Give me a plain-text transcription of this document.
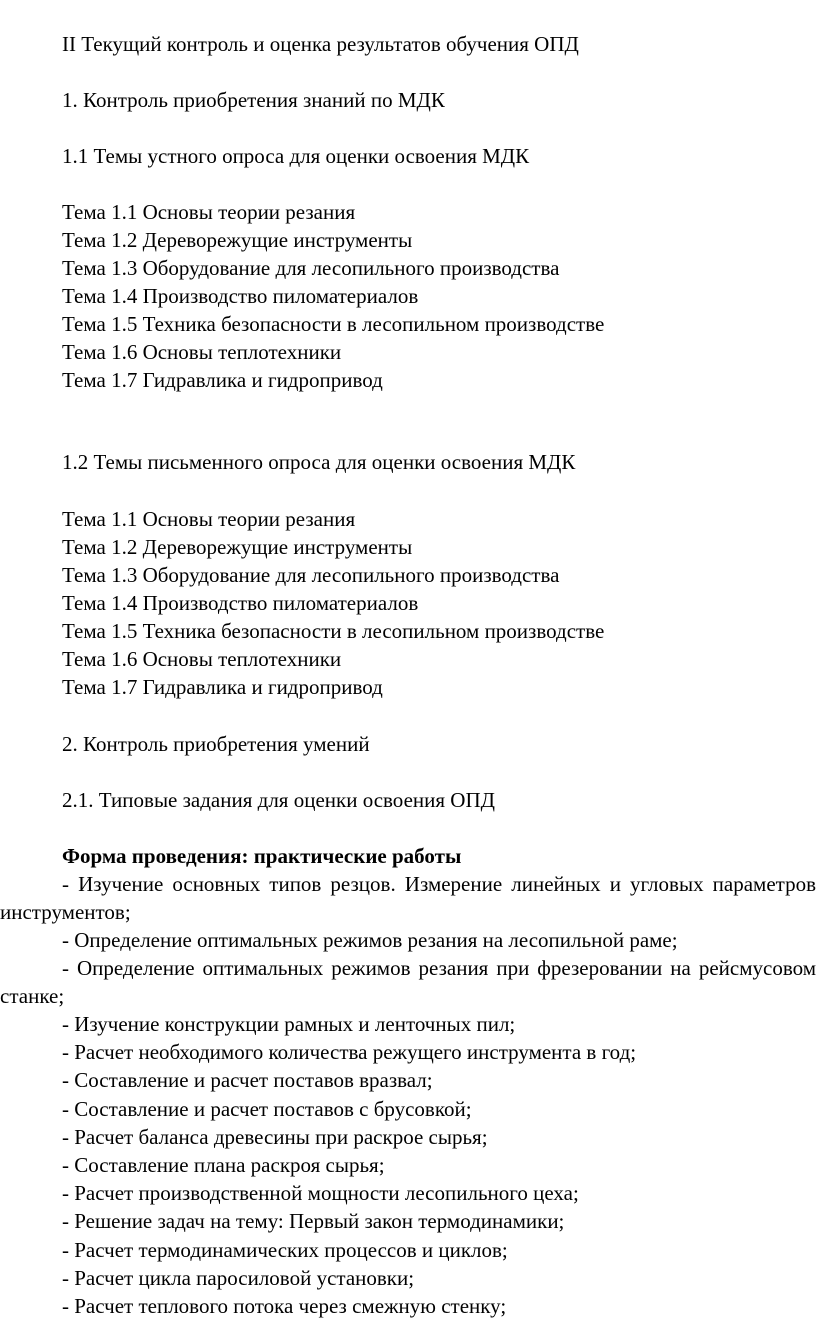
II Текущий контроль и оценка результатов обучения ОПД
1. Контроль приобретения знаний по МДК
1.1 Темы устного опроса для оценки освоения МДК
Тема 1.1 Основы теории резания
Тема 1.2 Дереворежущие инструменты
Тема 1.3 Оборудование для лесопильного производства
Тема 1.4 Производство пиломатериалов
Тема 1.5 Техника безопасности в лесопильном производстве
Тема 1.6 Основы теплотехники
Тема 1.7 Гидравлика и гидропривод
1.2 Темы письменного опроса для оценки освоения МДК
Тема 1.1 Основы теории резания
Тема 1.2 Дереворежущие инструменты
Тема 1.3 Оборудование для лесопильного производства
Тема 1.4 Производство пиломатериалов
Тема 1.5 Техника безопасности в лесопильном производстве
Тема 1.6 Основы теплотехники
Тема 1.7 Гидравлика и гидропривод
2. Контроль приобретения умений
2.1. Типовые задания для оценки освоения ОПД
Форма проведения: практические работы
- Изучение основных типов резцов. Измерение линейных и угловых параметров инструментов;
- Определение оптимальных режимов резания на лесопильной раме;
- Определение оптимальных режимов резания при фрезеровании на рейсмусовом станке;
- Изучение конструкции рамных и ленточных пил;
- Расчет необходимого количества режущего инструмента в год;
- Составление и расчет поставов вразвал;
- Составление и расчет поставов с брусовкой;
- Расчет баланса древесины при раскрое сырья;
- Составление плана раскроя сырья;
- Расчет производственной мощности лесопильного цеха;
- Решение задач на тему: Первый закон термодинамики;
- Расчет термодинамических процессов и циклов;
- Расчет цикла паросиловой установки;
- Расчет теплового потока через смежную стенку;
